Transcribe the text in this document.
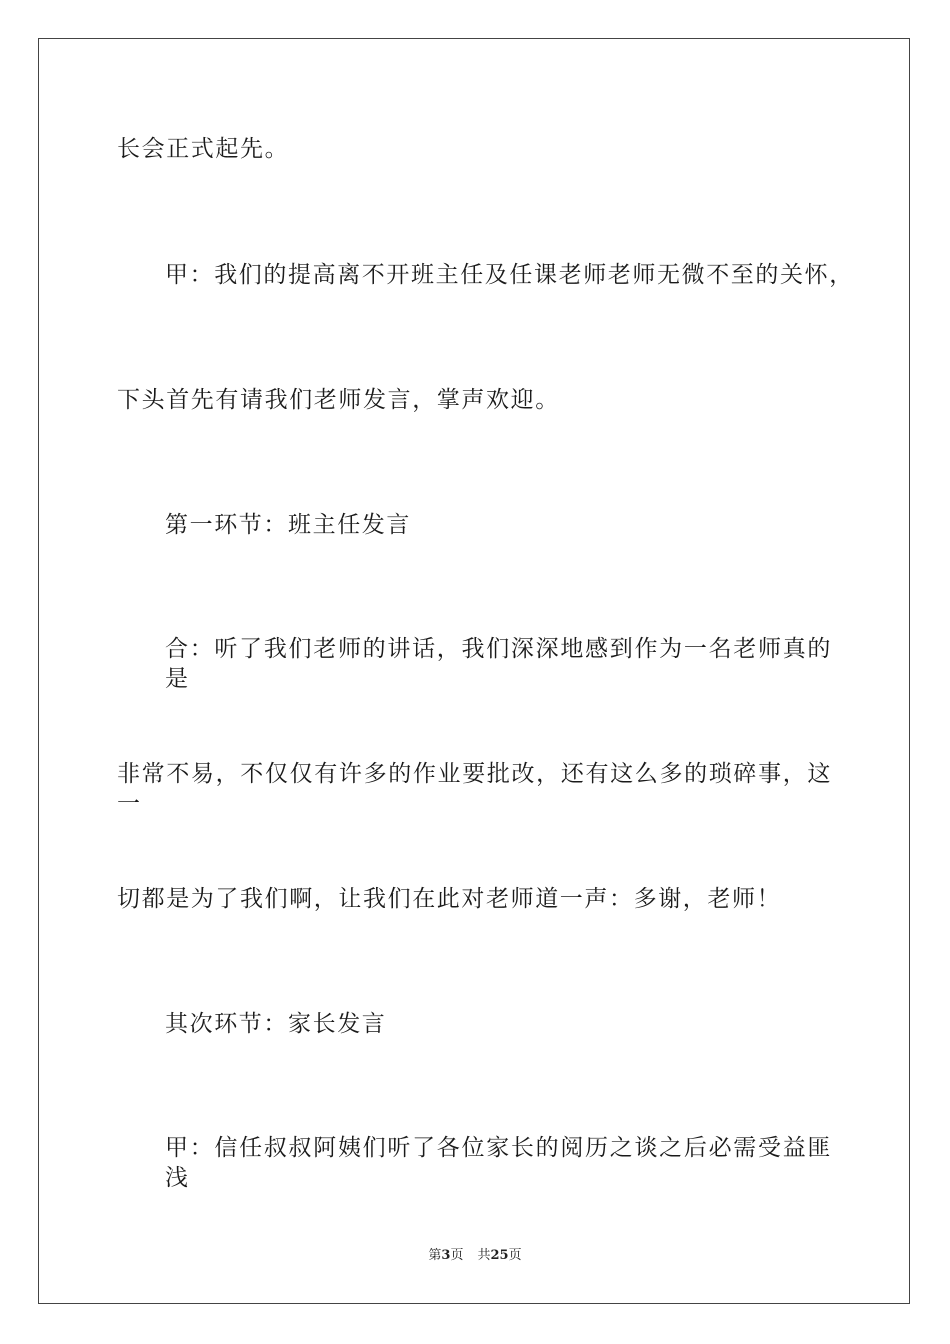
长会正式起先。
甲：我们的提高离不开班主任及任课老师老师无微不至的关怀，
下头首先有请我们老师发言，掌声欢迎。
第一环节：班主任发言
合：听了我们老师的讲话，我们深深地感到作为一名老师真的是
非常不易，不仅仅有许多的作业要批改，还有这么多的琐碎事，这一
切都是为了我们啊，让我们在此对老师道一声：多谢，老师！
其次环节：家长发言
甲：信任叔叔阿姨们听了各位家长的阅历之谈之后必需受益匪浅
第3页 共25页
